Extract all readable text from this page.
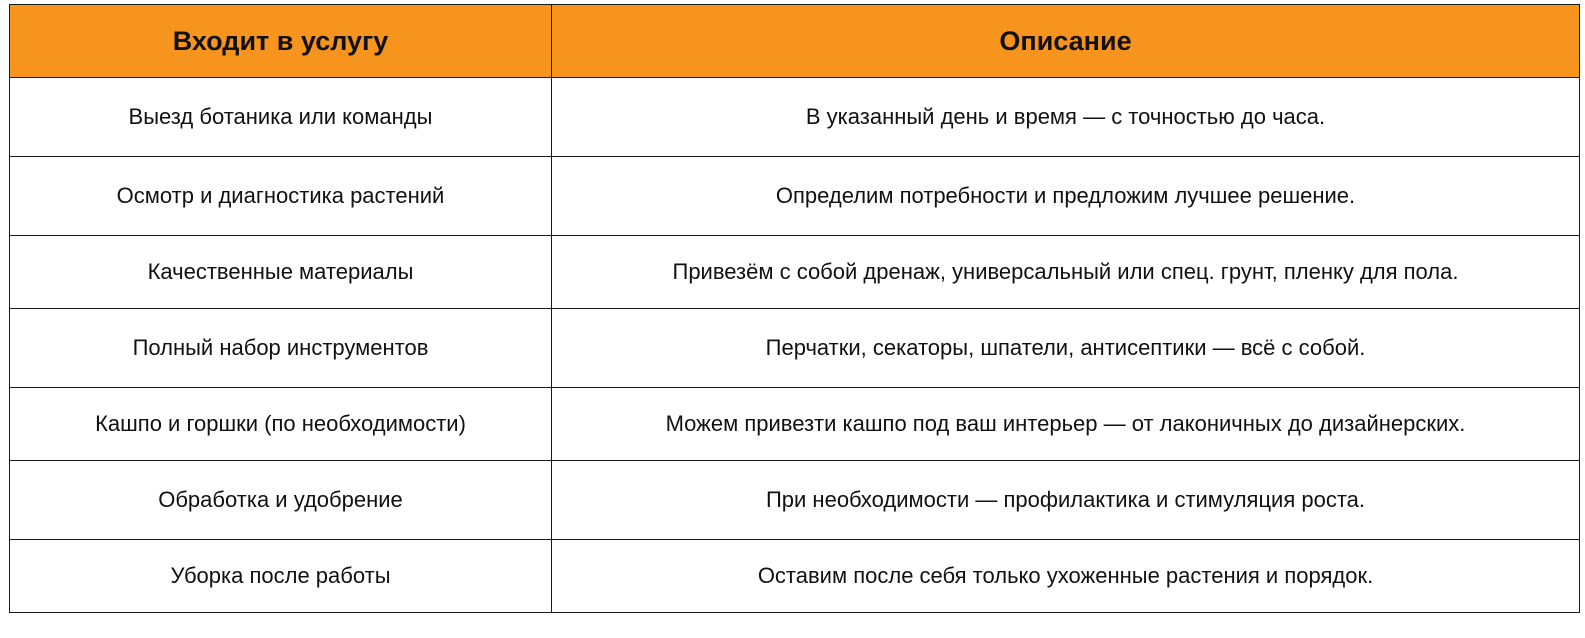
Входит в услугу	Описание
Выезд ботаника или команды	В указанный день и время — с точностью до часа.
Осмотр и диагностика растений	Определим потребности и предложим лучшее решение.
Качественные материалы	Привезём с собой дренаж, универсальный или спец. грунт, пленку для пола.
Полный набор инструментов	Перчатки, секаторы, шпатели, антисептики — всё с собой.
Кашпо и горшки (по необходимости)	Можем привезти кашпо под ваш интерьер — от лаконичных до дизайнерских.
Обработка и удобрение	При необходимости — профилактика и стимуляция роста.
Уборка после работы	Оставим после себя только ухоженные растения и порядок.
